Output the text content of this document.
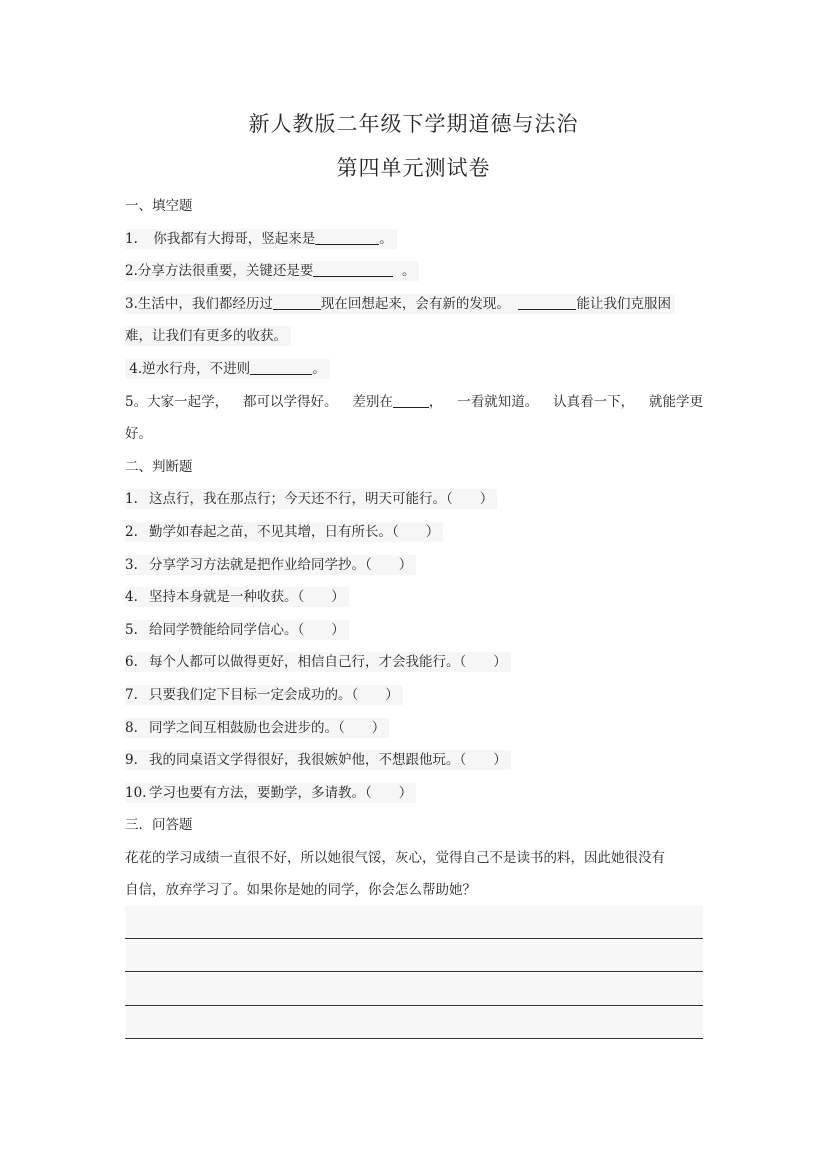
新人教版二年级下学期道德与法治
第四单元测试卷
一、填空题
1. 你我都有大拇哥，竖起来是	。
2.分享方法很重要，关键还是要	。
3.生活中，我们都经历过	现在回想起来，会有新的发现。	能让我们克服困
难，让我们有更多的收获。
4.逆水行舟，不进则	。
5。大家一起学， 都可以学得好。 差别在	， 一看就知道。 认真看一下， 就能学更
好。
二、判断题
1. 这点行，我在那点行；今天还不行，明天可能行。（　　）
2. 勤学如春起之苗，不见其增，日有所长。（　　）
3. 分享学习方法就是把作业给同学抄。（　　）
4. 坚持本身就是一种收获。（　　）
5. 给同学赞能给同学信心。（　　）
6. 每个人都可以做得更好，相信自己行，才会我能行。（　　）
7. 只要我们定下目标一定会成功的。（　　）
8. 同学之间互相鼓励也会进步的。（　　）
9. 我的同桌语文学得很好，我很嫉妒他，不想跟他玩。（　　）
10. 学习也要有方法，要勤学，多请教。（　　）
三．问答题
花花的学习成绩一直很不好，所以她很气馁，灰心，觉得自己不是读书的料，因此她很没有
自信，放弃学习了。如果你是她的同学，你会怎么帮助她？
